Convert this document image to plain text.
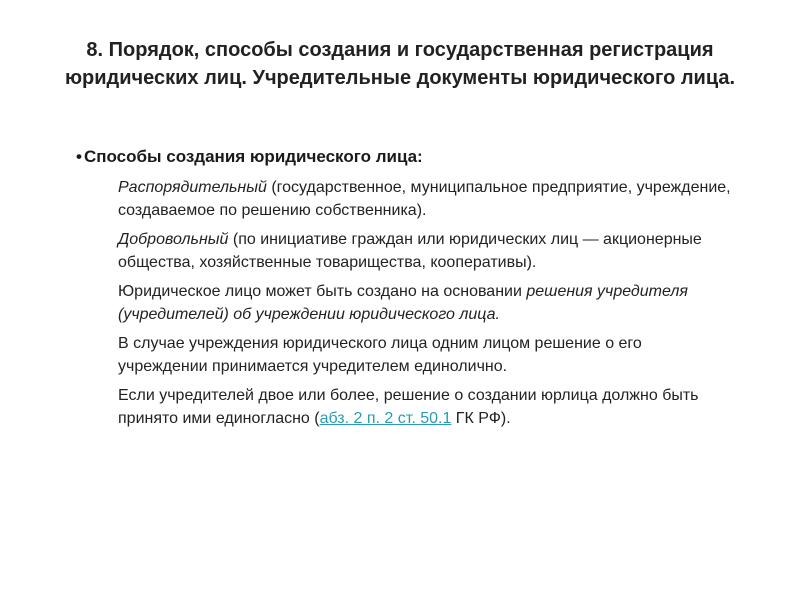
8. Порядок, способы создания и государственная регистрация юридических лиц. Учредительные документы юридического лица.
• Способы создания юридического лица:
Распорядительный (государственное, муниципальное предприятие, учреждение, создаваемое по решению собственника).
Добровольный (по инициативе граждан или юридических лиц — акционерные общества, хозяйственные товарищества, кооперативы).
Юридическое лицо может быть создано на основании решения учредителя (учредителей) об учреждении юридического лица.
В случае учреждения юридического лица одним лицом решение о его учреждении принимается учредителем единолично.
Если учредителей двое или более, решение о создании юрлица должно быть принято ими единогласно (абз. 2 п. 2 ст. 50.1 ГК РФ).
